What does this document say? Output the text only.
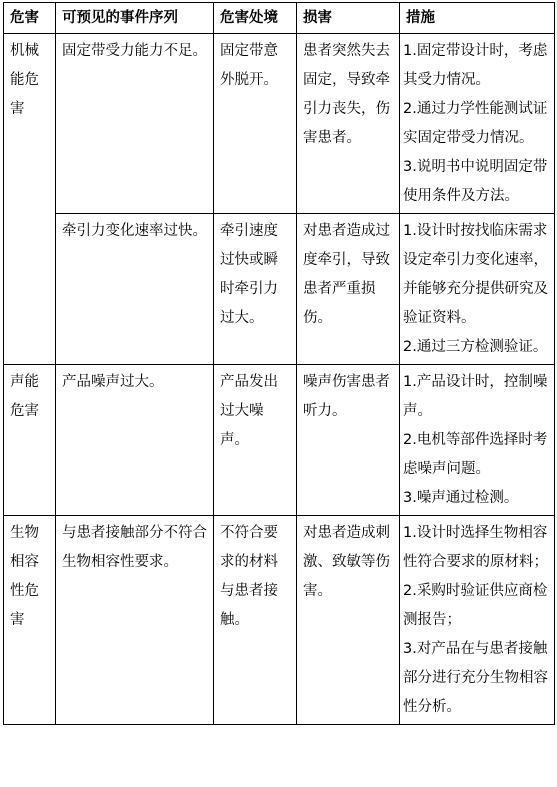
危害	可预见的事件序列	危害处境	损害	措施
机械能危害	固定带受力能力不足。	固定带意外脱开。	患者突然失去固定，导致牵引力丧失，伤害患者。	1.固定带设计时，考虑其受力情况。
2.通过力学性能测试证实固定带受力情况。
3.说明书中说明固定带使用条件及方法。

	牵引力变化速率过快。	牵引速度过快或瞬时牵引力过大。	对患者造成过度牵引，导致患者严重损伤。	1.设计时按找临床需求设定牵引力变化速率，并能够充分提供研究及验证资料。
2.通过三方检测验证。

声能危害	产品噪声过大。	产品发出过大噪声。	噪声伤害患者听力。	1.产品设计时，控制噪声。
2.电机等部件选择时考虑噪声问题。
3.噪声通过检测。

生物相容性危害	与患者接触部分不符合生物相容性要求。	不符合要求的材料与患者接触。	对患者造成刺激、致敏等伤害。	1.设计时选择生物相容性符合要求的原材料；
2.采购时验证供应商检测报告；
3.对产品在与患者接触部分进行充分生物相容性分析。
